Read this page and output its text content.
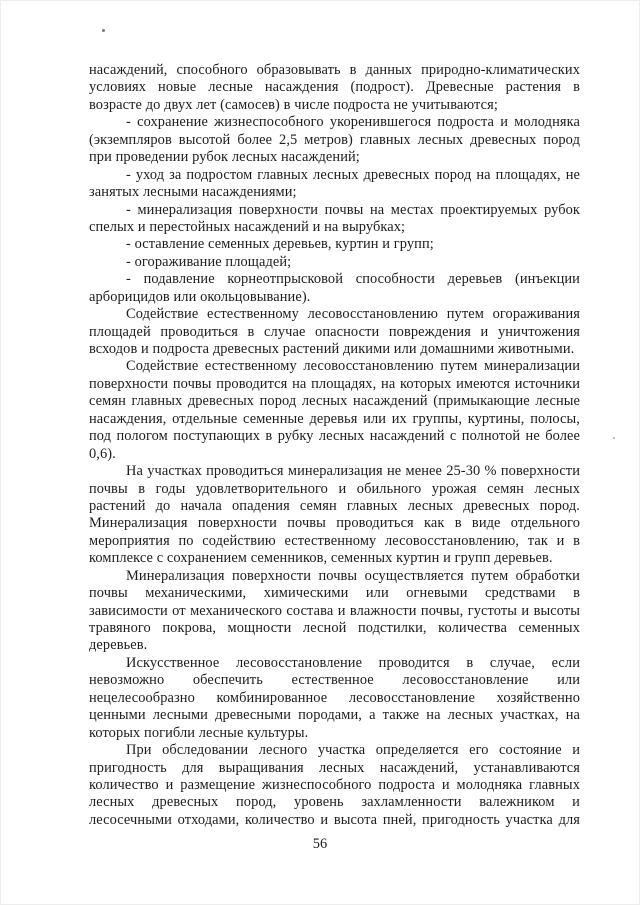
насаждений, способного образовывать в данных природно-климатических
условиях новые лесные насаждения (подрост). Древесные растения в
возрасте до двух лет (самосев) в числе подроста не учитываются;
- сохранение жизнеспособного укоренившегося подроста и молодняка
(экземпляров высотой более 2,5 метров) главных лесных древесных пород
при проведении рубок лесных насаждений;
- уход за подростом главных лесных древесных пород на площадях, не
занятых лесными насаждениями;
- минерализация поверхности почвы на местах проектируемых рубок
спелых и перестойных насаждений и на вырубках;
- оставление семенных деревьев, куртин и групп;
- огораживание площадей;
- подавление корнеотпрысковой способности деревьев (инъекции
арборицидов или окольцовывание).
Содействие естественному лесовосстановлению путем огораживания
площадей проводиться в случае опасности повреждения и уничтожения
всходов и подроста древесных растений дикими или домашними животными.
Содействие естественному лесовосстановлению путем минерализации
поверхности почвы проводится на площадях, на которых имеются источники
семян главных древесных пород лесных насаждений (примыкающие лесные
насаждения, отдельные семенные деревья или их группы, куртины, полосы,
под пологом поступающих в рубку лесных насаждений с полнотой не более
0,6).
На участках проводиться минерализация не менее 25-30 % поверхности
почвы в годы удовлетворительного и обильного урожая семян лесных
растений до начала опадения семян главных лесных древесных пород.
Минерализация поверхности почвы проводиться как в виде отдельного
мероприятия по содействию естественному лесовосстановлению, так и в
комплексе с сохранением семенников, семенных куртин и групп деревьев.
Минерализация поверхности почвы осуществляется путем обработки
почвы механическими, химическими или огневыми средствами в
зависимости от механического состава и влажности почвы, густоты и высоты
травяного покрова, мощности лесной подстилки, количества семенных
деревьев.
Искусственное лесовосстановление проводится в случае, если
невозможно обеспечить естественное лесовосстановление или
нецелесообразно комбинированное лесовосстановление хозяйственно
ценными лесными древесными породами, а также на лесных участках, на
которых погибли лесные культуры.
При обследовании лесного участка определяется его состояние и
пригодность для выращивания лесных насаждений, устанавливаются
количество и размещение жизнеспособного подроста и молодняка главных
лесных древесных пород, уровень захламленности валежником и
лесосечными отходами, количество и высота пней, пригодность участка для
56
